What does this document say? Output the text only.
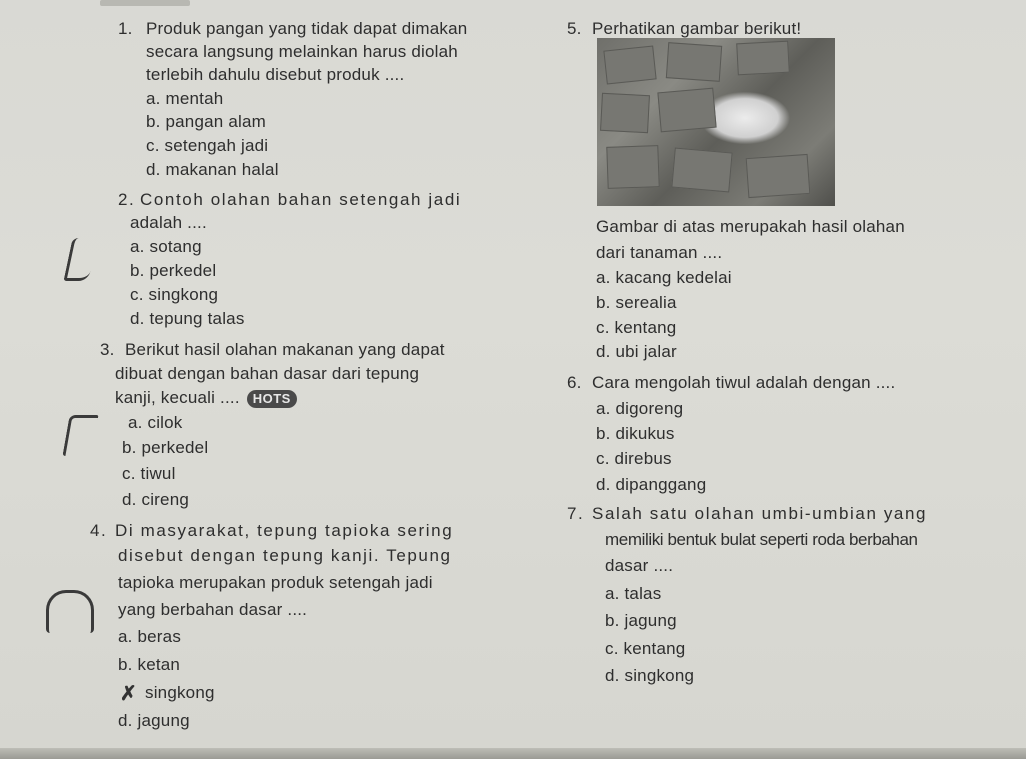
1. Produk pangan yang tidak dapat dimakan
secara langsung melainkan harus diolah
terlebih dahulu disebut produk ....
a. mentah
b. pangan alam
c. setengah jadi
d. makanan halal
2. Contoh olahan bahan setengah jadi
adalah ....
a. sotang
b. perkedel
c. singkong
d. tepung talas
3. Berikut hasil olahan makanan yang dapat
dibuat dengan bahan dasar dari tepung
kanji, kecuali .... HOTS
a. cilok
b. perkedel
c. tiwul
d. cireng
4. Di masyarakat, tepung tapioka sering
disebut dengan tepung kanji. Tepung
tapioka merupakan produk setengah jadi
yang berbahan dasar ....
a. beras
b. ketan
✗ singkong
d. jagung
5. Perhatikan gambar berikut!
Gambar di atas merupakah hasil olahan
dari tanaman ....
a. kacang kedelai
b. serealia
c. kentang
d. ubi jalar
6. Cara mengolah tiwul adalah dengan ....
a. digoreng
b. dikukus
c. direbus
d. dipanggang
7. Salah satu olahan umbi-umbian yang
memiliki bentuk bulat seperti roda berbahan
dasar ....
a. talas
b. jagung
c. kentang
d. singkong
